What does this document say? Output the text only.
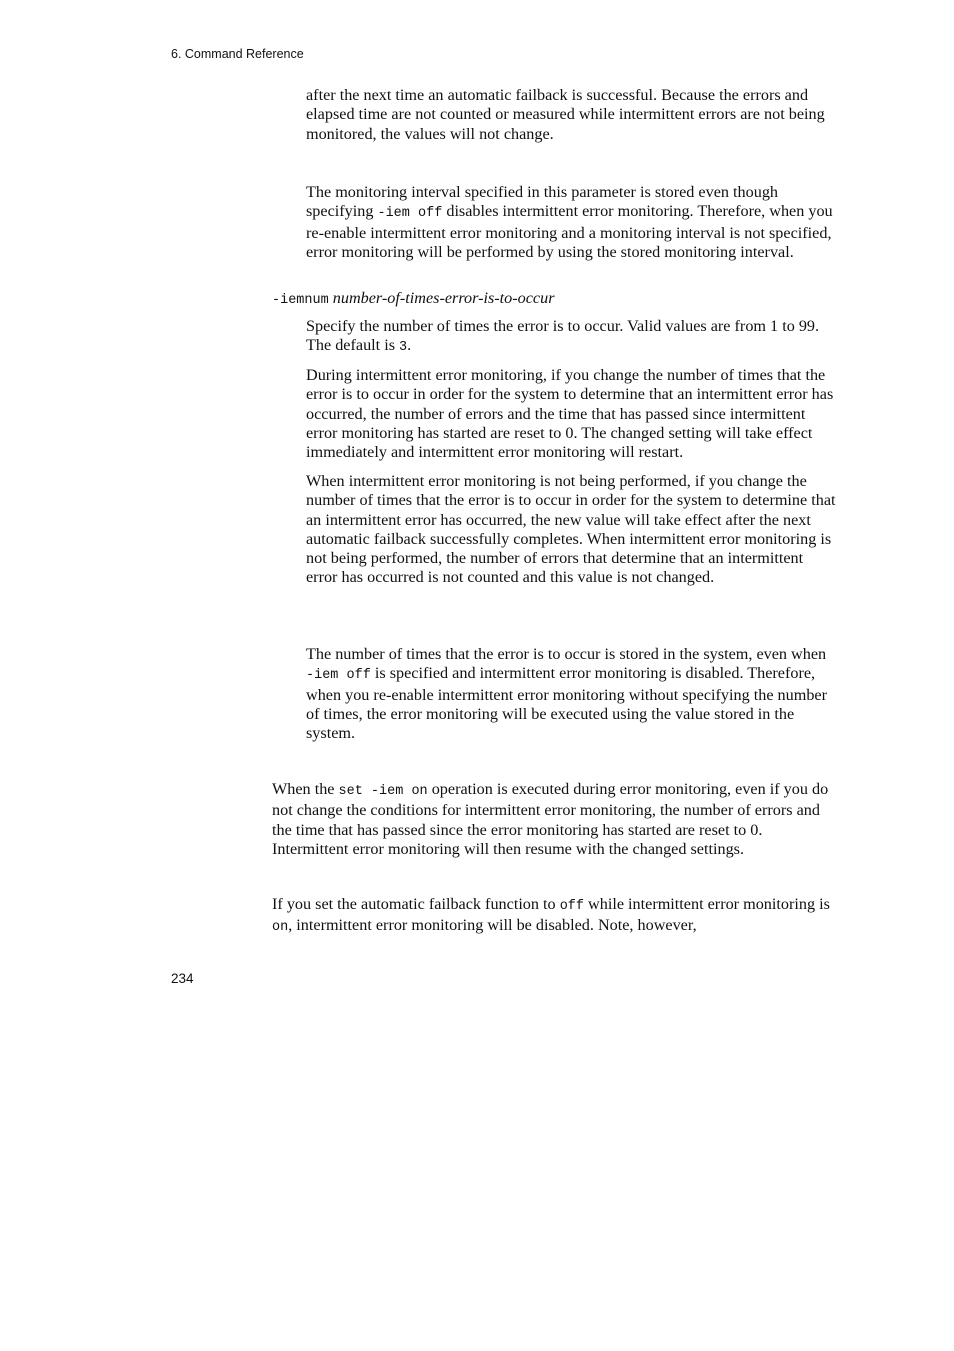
6. Command Reference

after the next time an automatic failback is successful. Because the errors and elapsed time are not counted or measured while intermittent errors are not being monitored, the values will not change.

The monitoring interval specified in this parameter is stored even though specifying -iem off disables intermittent error monitoring. Therefore, when you re-enable intermittent error monitoring and a monitoring interval is not specified, error monitoring will be performed by using the stored monitoring interval.

-iemnum number-of-times-error-is-to-occur

Specify the number of times the error is to occur. Valid values are from 1 to 99. The default is 3.

During intermittent error monitoring, if you change the number of times that the error is to occur in order for the system to determine that an intermittent error has occurred, the number of errors and the time that has passed since intermittent error monitoring has started are reset to 0. The changed setting will take effect immediately and intermittent error monitoring will restart.

When intermittent error monitoring is not being performed, if you change the number of times that the error is to occur in order for the system to determine that an intermittent error has occurred, the new value will take effect after the next automatic failback successfully completes. When intermittent error monitoring is not being performed, the number of errors that determine that an intermittent error has occurred is not counted and this value is not changed.

The number of times that the error is to occur is stored in the system, even when -iem off is specified and intermittent error monitoring is disabled. Therefore, when you re-enable intermittent error monitoring without specifying the number of times, the error monitoring will be executed using the value stored in the system.

When the set -iem on operation is executed during error monitoring, even if you do not change the conditions for intermittent error monitoring, the number of errors and the time that has passed since the error monitoring has started are reset to 0. Intermittent error monitoring will then resume with the changed settings.

If you set the automatic failback function to off while intermittent error monitoring is on, intermittent error monitoring will be disabled. Note, however,

234
